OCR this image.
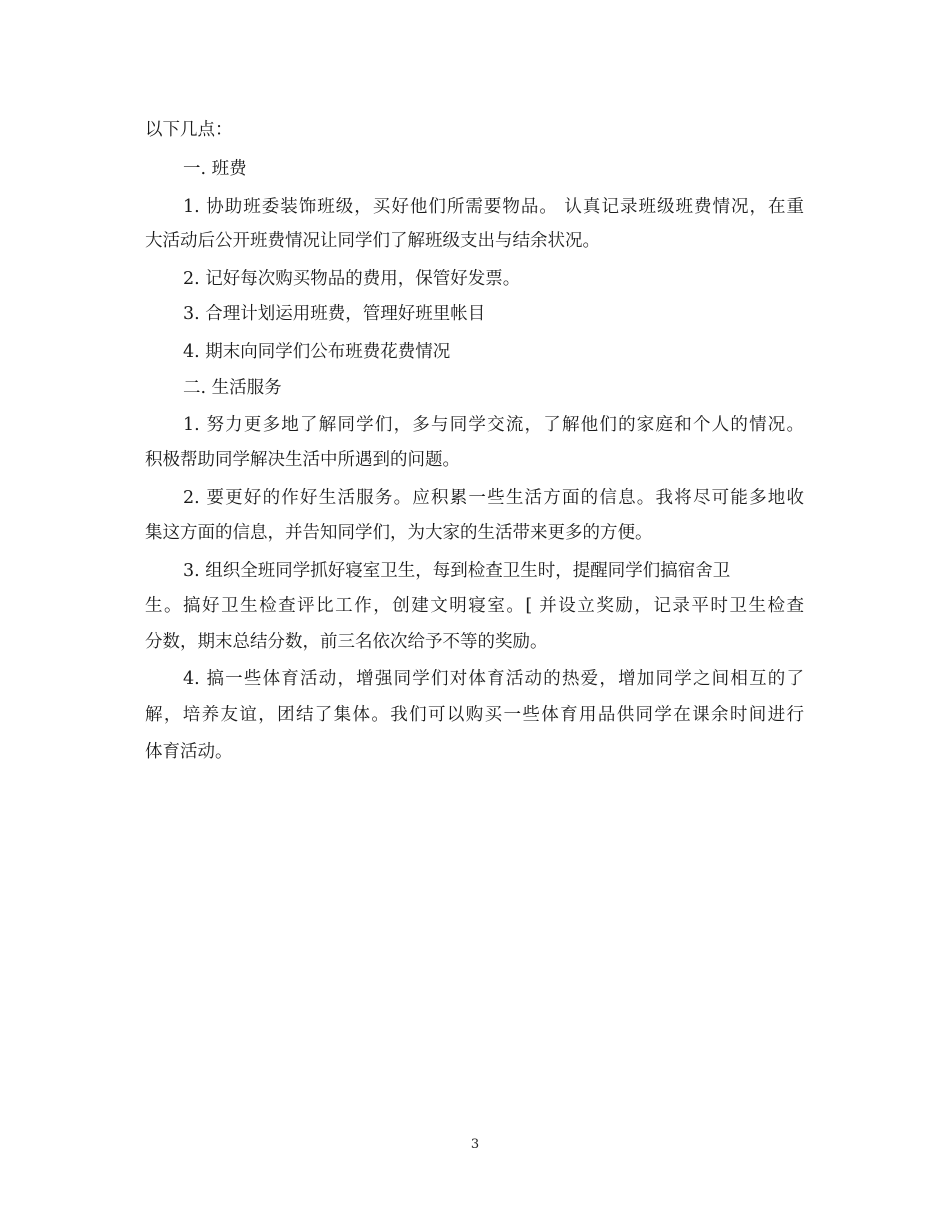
以下几点：

一. 班费

1. 协助班委装饰班级，买好他们所需要物品。 认真记录班级班费情况，在重

大活动后公开班费情况让同学们了解班级支出与结余状况。

2. 记好每次购买物品的费用，保管好发票。

3. 合理计划运用班费，管理好班里帐目

4. 期末向同学们公布班费花费情况

二. 生活服务

1. 努力更多地了解同学们，多与同学交流，了解他们的家庭和个人的情况。

积极帮助同学解决生活中所遇到的问题。

2. 要更好的作好生活服务。应积累一些生活方面的信息。我将尽可能多地收

集这方面的信息，并告知同学们，为大家的生活带来更多的方便。

3. 组织全班同学抓好寝室卫生，每到检查卫生时，提醒同学们搞宿舍卫

生。搞好卫生检查评比工作，创建文明寝室。[ 并设立奖励，记录平时卫生检查

分数，期末总结分数，前三名依次给予不等的奖励。

4. 搞一些体育活动，增强同学们对体育活动的热爱，增加同学之间相互的了

解，培养友谊，团结了集体。我们可以购买一些体育用品供同学在课余时间进行

体育活动。

3
